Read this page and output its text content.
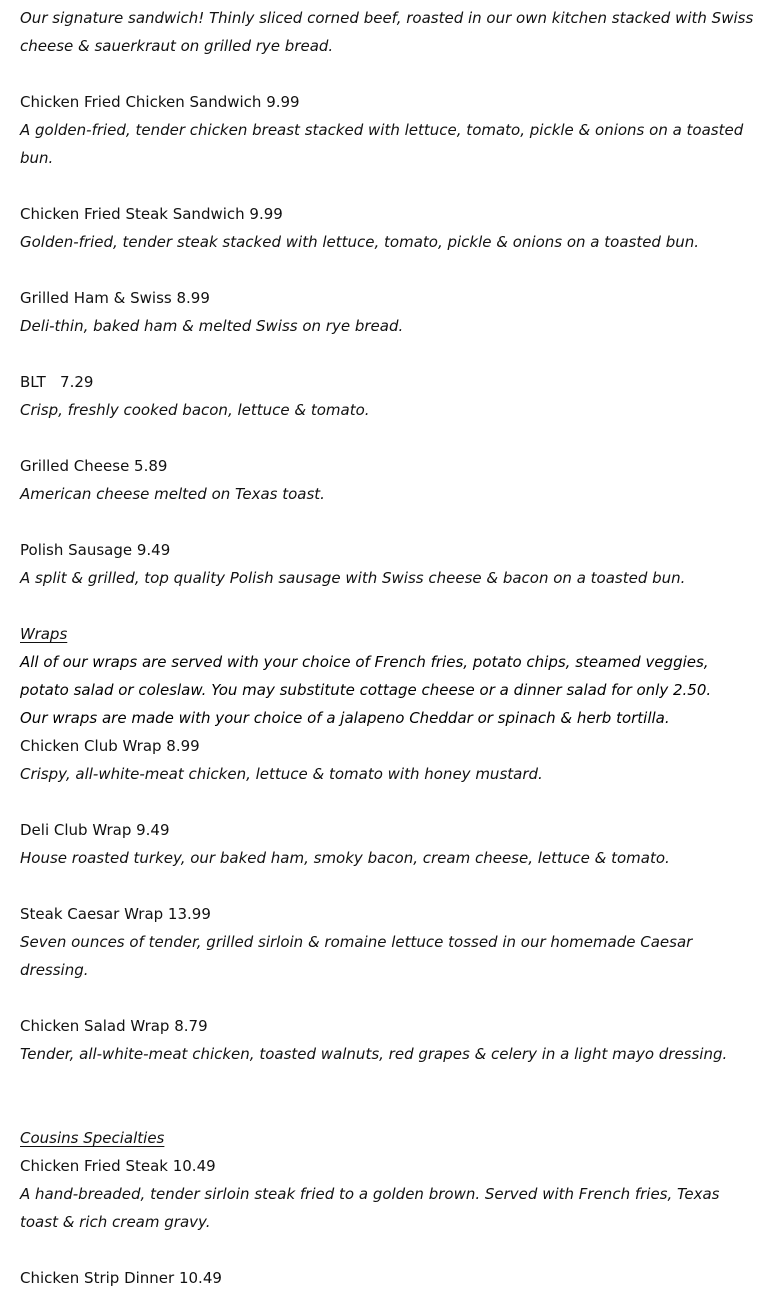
Our signature sandwich! Thinly sliced corned beef, roasted in our own kitchen stacked with Swiss cheese & sauerkraut on grilled rye bread.
Chicken Fried Chicken Sandwich 9.99
A golden-fried, tender chicken breast stacked with lettuce, tomato, pickle & onions on a toasted bun.
Chicken Fried Steak Sandwich 9.99
Golden-fried, tender steak stacked with lettuce, tomato, pickle & onions on a toasted bun.
Grilled Ham & Swiss 8.99
Deli-thin, baked ham & melted Swiss on rye bread.
BLT   7.29
Crisp, freshly cooked bacon, lettuce & tomato.
Grilled Cheese 5.89
American cheese melted on Texas toast.
Polish Sausage 9.49
A split & grilled, top quality Polish sausage with Swiss cheese & bacon on a toasted bun.
Wraps
All of our wraps are served with your choice of French fries, potato chips, steamed veggies, potato salad or coleslaw. You may substitute cottage cheese or a dinner salad for only 2.50.
Our wraps are made with your choice of a jalapeno Cheddar or spinach & herb tortilla.
Chicken Club Wrap 8.99
Crispy, all-white-meat chicken, lettuce & tomato with honey mustard.
Deli Club Wrap 9.49
House roasted turkey, our baked ham, smoky bacon, cream cheese, lettuce & tomato.
Steak Caesar Wrap 13.99
Seven ounces of tender, grilled sirloin & romaine lettuce tossed in our homemade Caesar dressing.
Chicken Salad Wrap 8.79
Tender, all-white-meat chicken, toasted walnuts, red grapes & celery in a light mayo dressing.
Cousins Specialties
Chicken Fried Steak 10.49
A hand-breaded, tender sirloin steak fried to a golden brown. Served with French fries, Texas toast & rich cream gravy.
Chicken Strip Dinner 10.49
